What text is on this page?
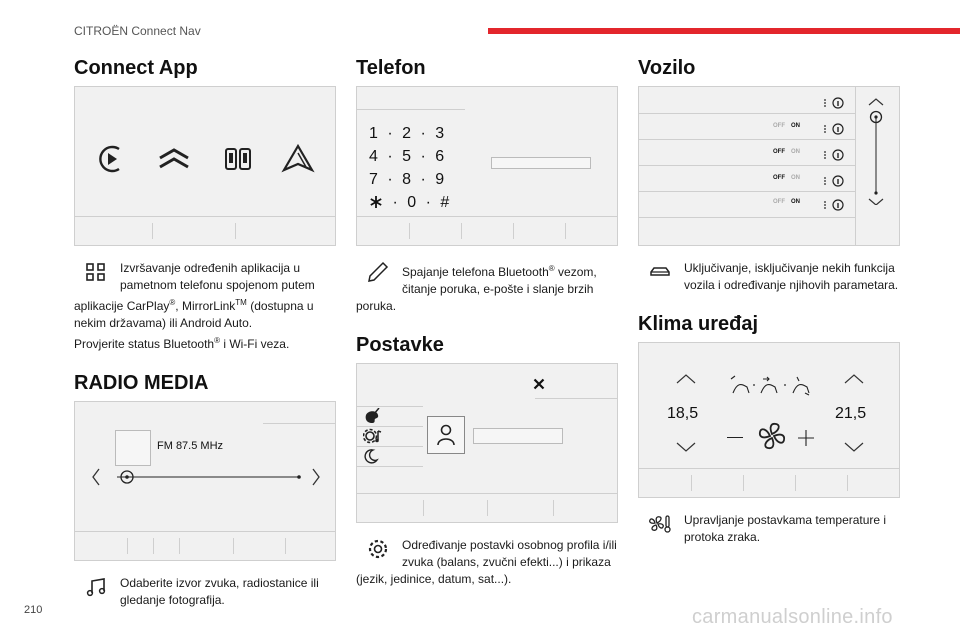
CITROËN Connect Nav
Connect App
Izvršavanje određenih aplikacija u pametnom telefonu spojenom putem aplikacije CarPlay®, MirrorLink™ (dostupna u nekim državama) ili Android Auto.
Provjerite status Bluetooth® i Wi-Fi veza.
RADIO MEDIA
FM 87.5 MHz
Odaberite izvor zvuka, radiostanice ili gledanje fotografija.
Telefon
1 · 2 · 3
4 · 5 · 6
7 · 8 · 9
· 0 · #
Spajanje telefona Bluetooth® vezom, čitanje poruka, e-pošte i slanje brzih poruka.
Postavke
Određivanje postavki osobnog profila i/ili zvuka (balans, zvučni efekti...) i prikaza (jezik, jedinice, datum, sat...).
Vozilo
OFF ON
OFF ON
OFF ON
OFF ON
Uključivanje, isključivanje nekih funkcija vozila i određivanje njihovih parametara.
Klima uređaj
18,5	21,5
Upravljanje postavkama temperature i protoka zraka.
210	carmanualsonline.info
